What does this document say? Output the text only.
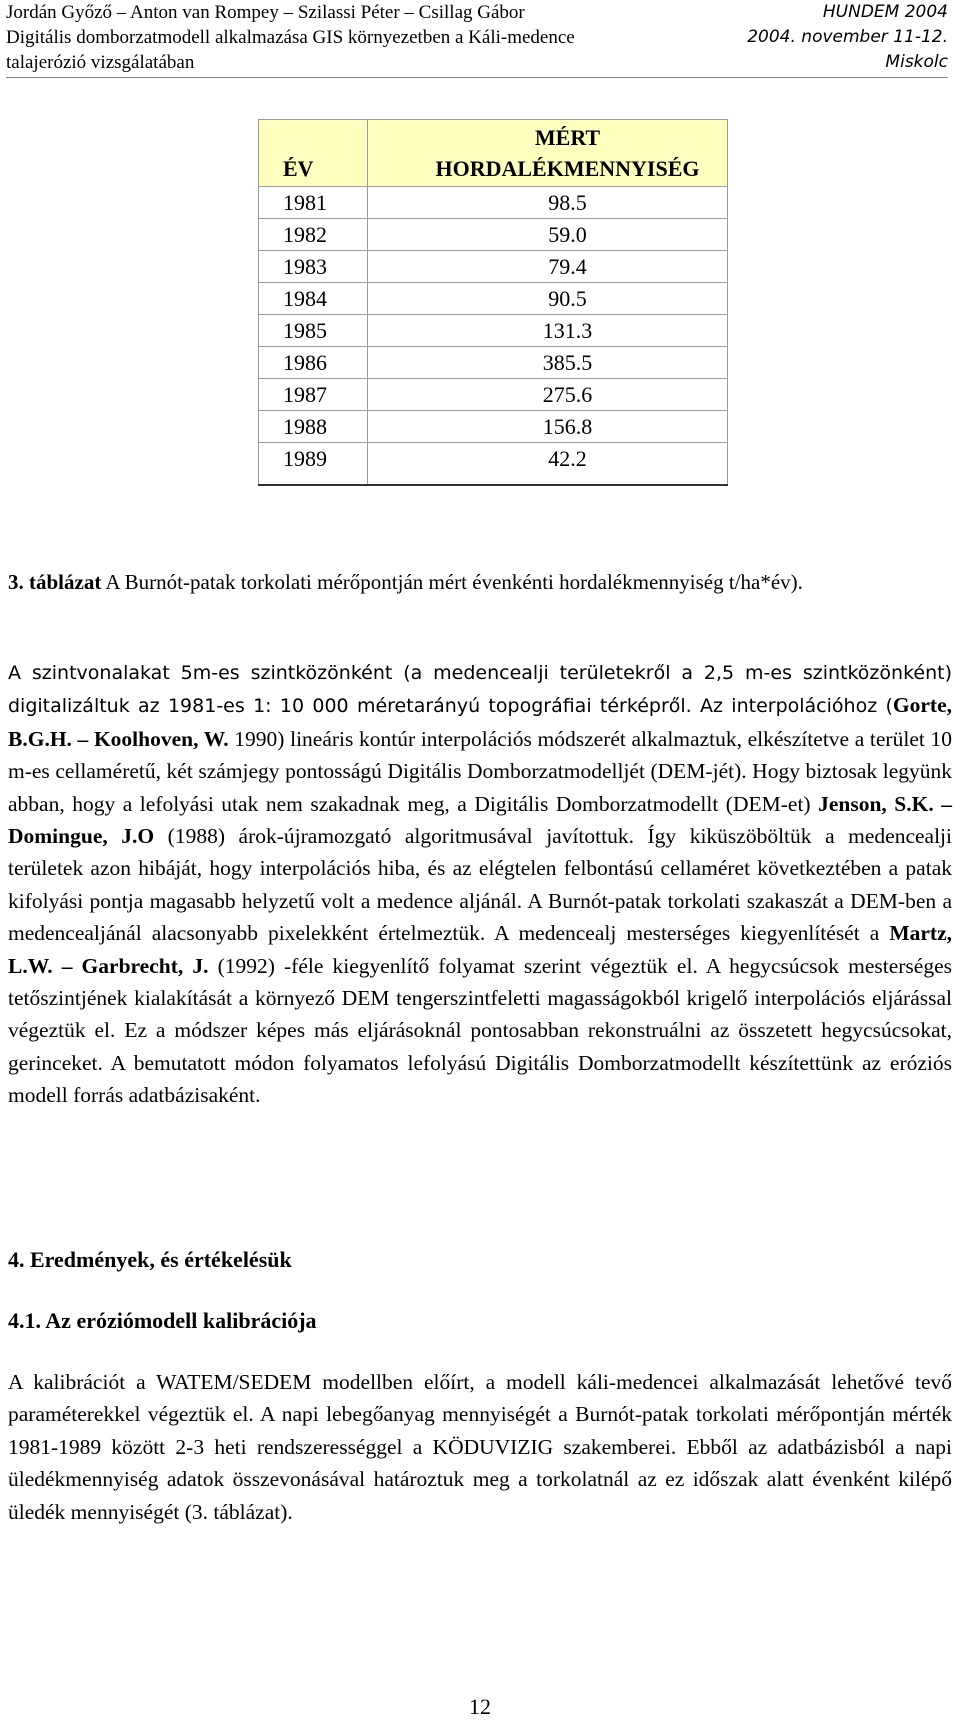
Jordán Győző – Anton van Rompey – Szilassi Péter – Csillag Gábor
Digitális domborzatmodell alkalmazása GIS környezetben a Káli-medence
talajerózió vizsgálatában
HUNDEM 2004
2004. november 11-12.
Miskolc
ÉV	MÉRT
HORDALÉKMENNYISÉG

1981	98.5
1982	59.0
1983	79.4
1984	90.5
1985	131.3
1986	385.5
1987	275.6
1988	156.8
1989	42.2
3. táblázat A Burnót-patak torkolati mérőpontján mért évenkénti hordalékmennyiség t/ha*év).
A szintvonalakat 5m-es szintközönként (a medencealji területekről a 2,5 m-es szintközönként) digitalizáltuk az 1981-es 1: 10 000 méretarányú topográfiai térképről. Az interpolációhoz (Gorte, B.G.H. – Koolhoven, W. 1990) lineáris kontúr interpolációs módszerét alkalmaztuk, elkészítetve a terület 10 m-es cellaméretű, két számjegy pontosságú Digitális Domborzatmodelljét (DEM-jét). Hogy biztosak legyünk abban, hogy a lefolyási utak nem szakadnak meg, a Digitális Domborzatmodellt (DEM-et) Jenson, S.K. – Domingue, J.O (1988) árok-újramozgató algoritmusával javítottuk. Így kiküszöböltük a medencealji területek azon hibáját, hogy interpolációs hiba, és az elégtelen felbontású cellaméret következtében a patak kifolyási pontja magasabb helyzetű volt a medence aljánál. A Burnót-patak torkolati szakaszát a DEM-ben a medencealjánál alacsonyabb pixelekként értelmeztük. A medencealj mesterséges kiegyenlítését a Martz, L.W. – Garbrecht, J. (1992) -féle kiegyenlítő folyamat szerint végeztük el. A hegycsúcsok mesterséges tetőszintjének kialakítását a környező DEM tengerszintfeletti magasságokból krigelő interpolációs eljárással végeztük el. Ez a módszer képes más eljárásoknál pontosabban rekonstruálni az összetett hegycsúcsokat, gerinceket. A bemutatott módon folyamatos lefolyású Digitális Domborzatmodellt készítettünk az eróziós modell forrás adatbázisaként.
4. Eredmények, és értékelésük
4.1. Az eróziómodell kalibrációja
A kalibrációt a WATEM/SEDEM modellben előírt, a modell káli-medencei alkalmazását lehetővé tevő paraméterekkel végeztük el. A napi lebegőanyag mennyiségét a Burnót-patak torkolati mérőpontján mérték 1981-1989 között 2-3 heti rendszerességgel a KÖDUVIZIG szakemberei. Ebből az adatbázisból a napi üledékmennyiség adatok összevonásával határoztuk meg a torkolatnál az ez időszak alatt évenként kilépő üledék mennyiségét (3. táblázat).
12
